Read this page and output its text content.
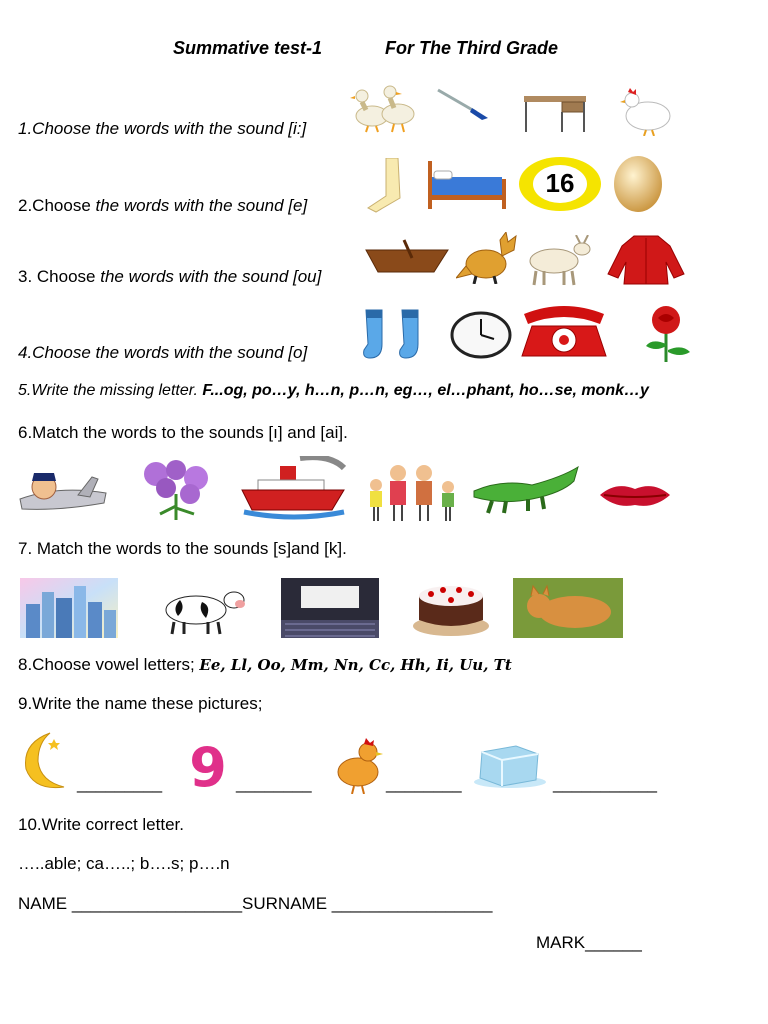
Summative test-1	For The Third Grade
1.Choose the words with the sound [i:]
2.Choose the words with the sound [e]
16
3. Choose the words with the sound [ou]
4.Choose the words with the sound [o]
5.Write the missing letter. F...og, po…y, h…n, p…n, eg…, el…phant, ho…se, monk…y
6.Match the words to the sounds [ı] and [ai].
7. Match the words to the sounds [s]and [k].
8.Choose vowel letters; Ee, Ll, Oo, Mm, Nn, Cc, Hh, Ii, Uu, Tt
9.Write the name these pictures;
_________ 9 ________	________	___________
10.Write correct letter.
…..able; ca…..; b….s; p….n
NAME __________________SURNAME _________________
MARK______
